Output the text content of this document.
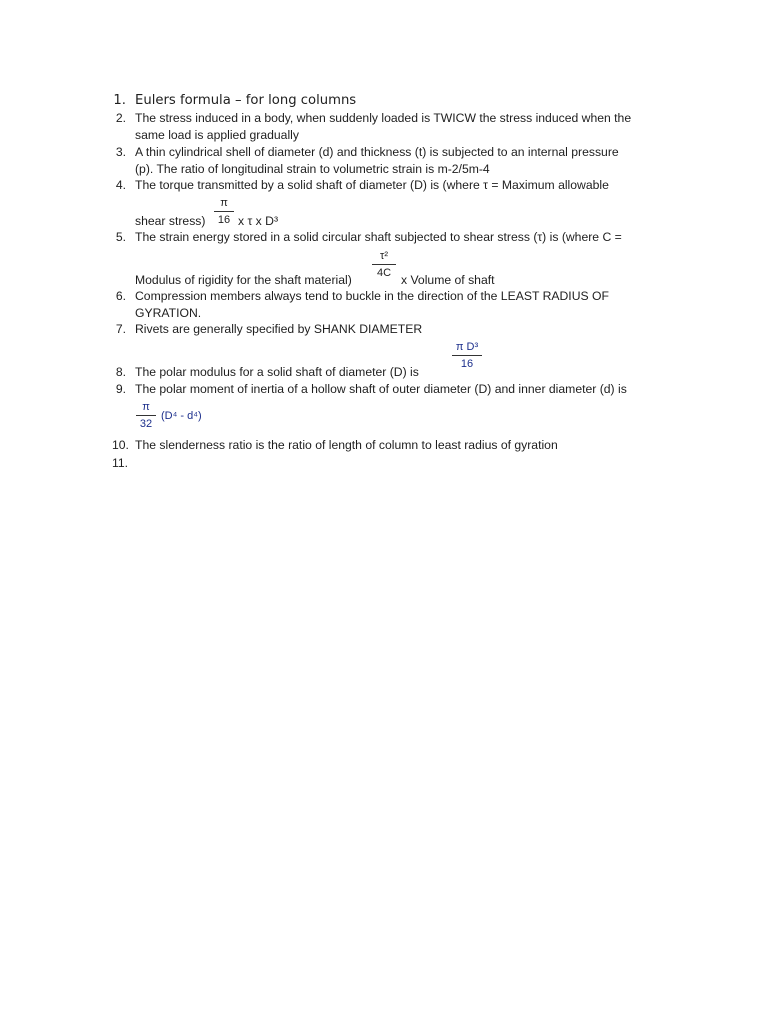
1. Eulers formula – for long columns
2. The stress induced in a body, when suddenly loaded is TWICW the stress induced when the
same load is applied gradually
3. A thin cylindrical shell of diameter (d) and thickness (t) is subjected to an internal pressure
(p). The ratio of longitudinal strain to volumetric strain is m-2/5m-4
4. The torque transmitted by a solid shaft of diameter (D) is (where τ = Maximum allowable
shear stress)
π
16 x τ x D³
5. The strain energy stored in a solid circular shaft subjected to shear stress (τ) is (where C =
Modulus of rigidity for the shaft material)
τ²
4C x Volume of shaft
6. Compression members always tend to buckle in the direction of the LEAST RADIUS OF
GYRATION.
7. Rivets are generally specified by SHANK DIAMETER
π D³
16
8. The polar modulus for a solid shaft of diameter (D) is
9. The polar moment of inertia of a hollow shaft of outer diameter (D) and inner diameter (d) is
π
32
(D⁴ - d⁴)
10. The slenderness ratio is the ratio of length of column to least radius of gyration
11.
